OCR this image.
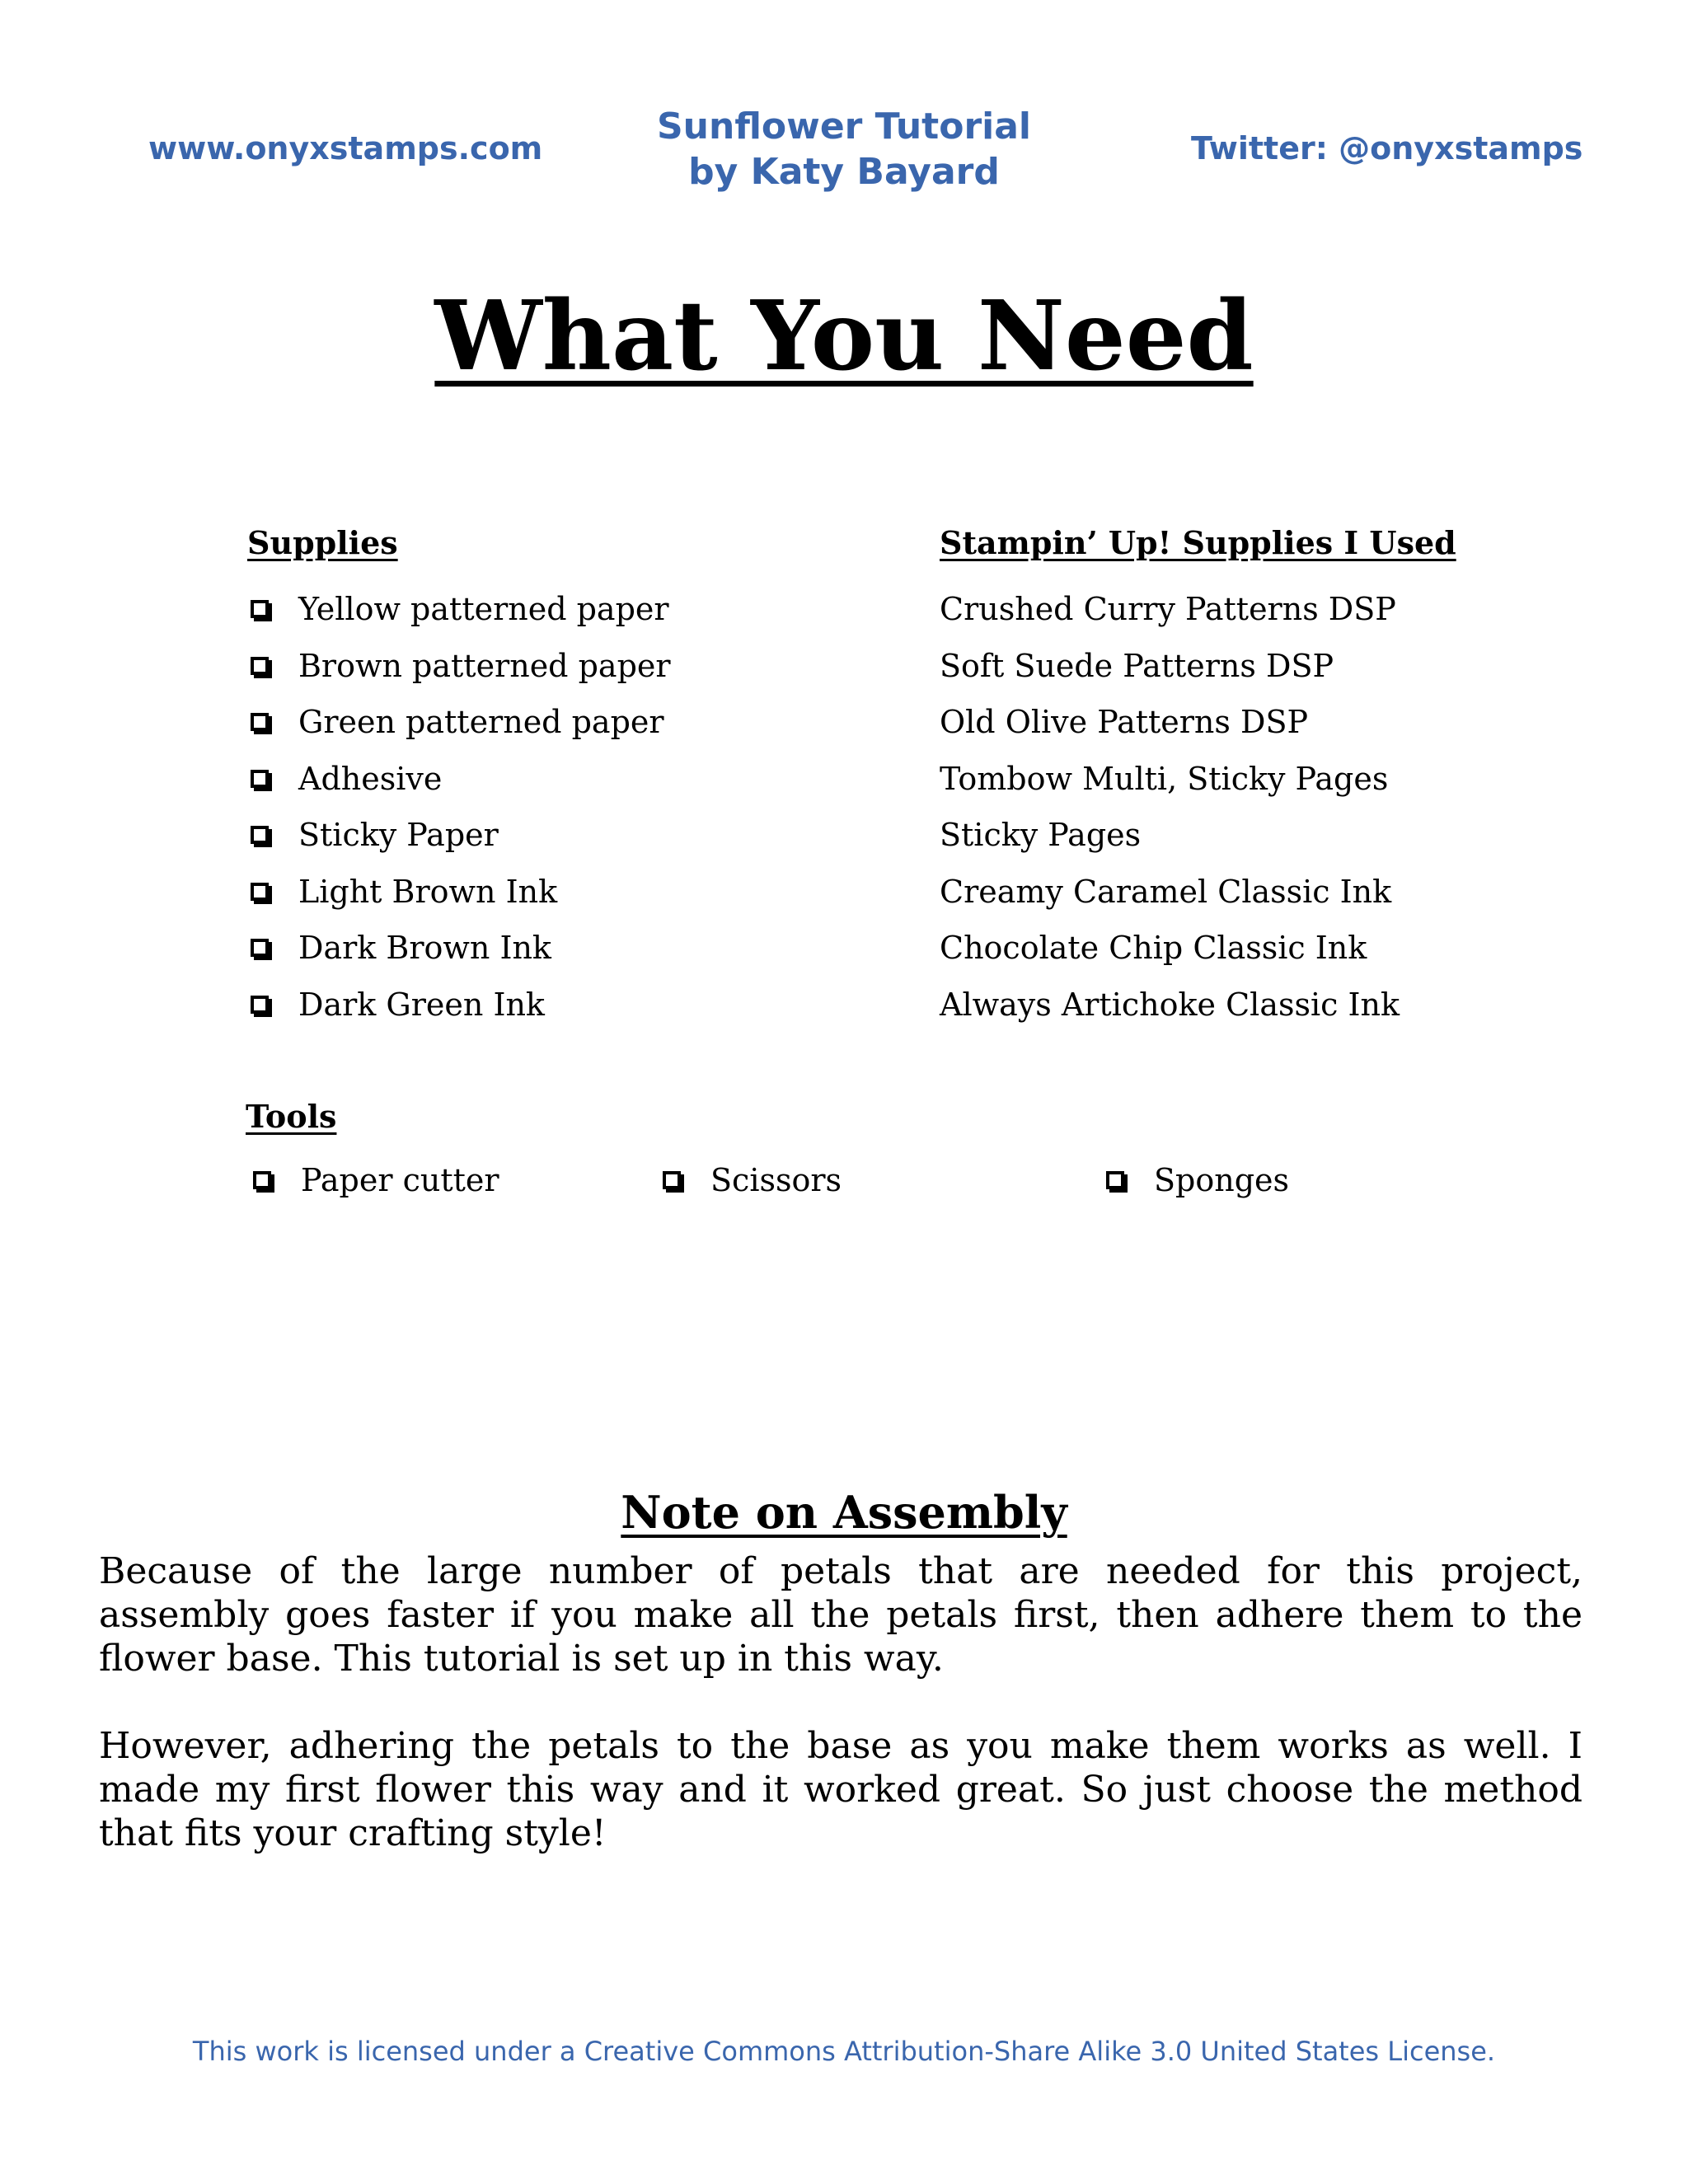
www.onyxstamps.com
Sunflower Tutorial
by Katy Bayard
Twitter: @onyxstamps
What You Need
Supplies
Yellow patterned paper
Brown patterned paper
Green patterned paper
Adhesive
Sticky Paper
Light Brown Ink
Dark Brown Ink
Dark Green Ink
Stampin’ Up! Supplies I Used
Crushed Curry Patterns DSP
Soft Suede Patterns DSP
Old Olive Patterns DSP
Tombow Multi, Sticky Pages
Sticky Pages
Creamy Caramel Classic Ink
Chocolate Chip Classic Ink
Always Artichoke Classic Ink
Tools
Paper cutter	Scissors	Sponges
Note on Assembly

Because of the large number of petals that are needed for this project, assembly goes faster if you make all the petals first, then adhere them to the flower base. This tutorial is set up in this way.

However, adhering the petals to the base as you make them works as well. I made my first flower this way and it worked great. So just choose the method that fits your crafting style!

This work is licensed under a Creative Commons Attribution-Share Alike 3.0 United States License.
